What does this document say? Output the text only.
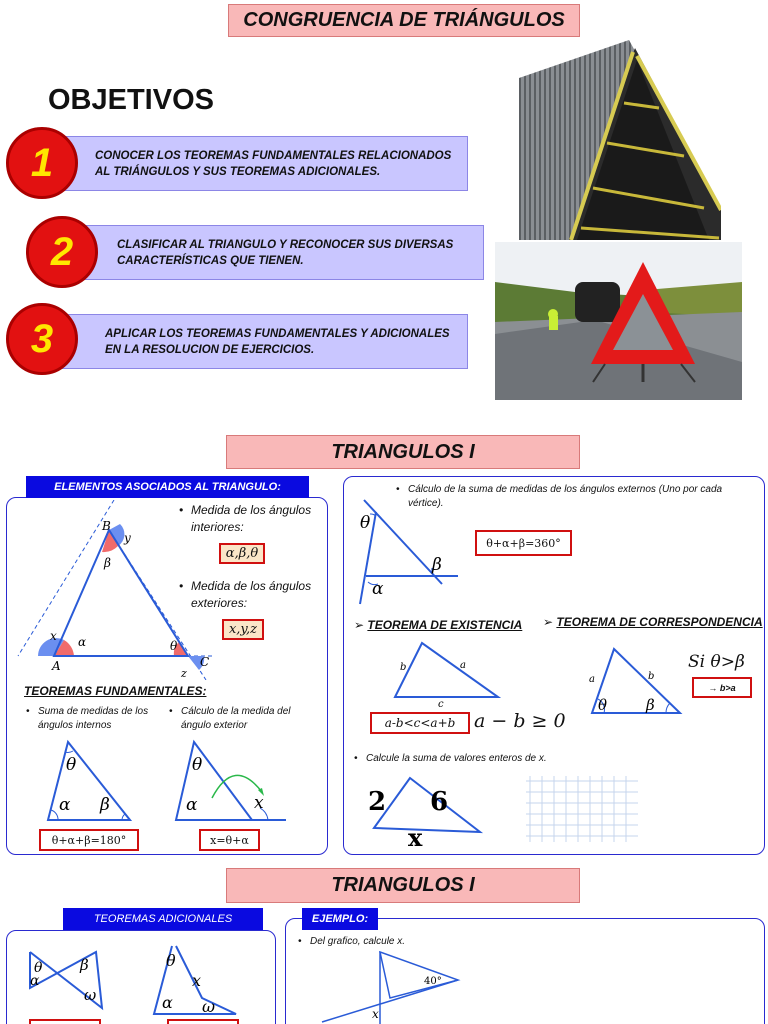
CONGRUENCIA DE TRIÁNGULOS
OBJETIVOS
CONOCER LOS TEOREMAS FUNDAMENTALES RELACIONADOS AL TRIÁNGULOS Y SUS TEOREMAS ADICIONALES.
1
CLASIFICAR AL TRIANGULO Y RECONOCER SUS DIVERSAS CARACTERÍSTICAS QUE TIENEN.
2
APLICAR LOS TEOREMAS FUNDAMENTALES Y ADICIONALES EN LA RESOLUCION DE EJERCICIOS.
3
TRIANGULOS I
ELEMENTOS ASOCIADOS AL TRIANGULO:
B
y
β
x α
A
θ
C
z
• Medida de los ángulos interiores:
α,β,θ
• Medida de los ángulos exteriores:
x,y,z
TEOREMAS FUNDAMENTALES:
• Suma de medidas de los ángulos internos
• Cálculo de la medida del ángulo exterior
θ
α β
θ+α+β=180°
θ
α	x
x=θ+α
• Cálculo de la suma de medidas de los ángulos externos (Uno por cada vértice).
θ
β
α
θ+α+β=360°
➢ TEOREMA DE EXISTENCIA
b	a
c
a-b<c<a+b a − b ≥ 0
➢ TEOREMA DE CORRESPONDENCIA
a	b
θ	β
Si θ>β
→ b>a
• Calcule la suma de valores enteros de x.
2 6
x
TRIANGULOS I
TEOREMAS ADICIONALES
θ
α
β
ω
θ
x
α ω
EJEMPLO:
• Del grafico, calcule x.
40°
x
